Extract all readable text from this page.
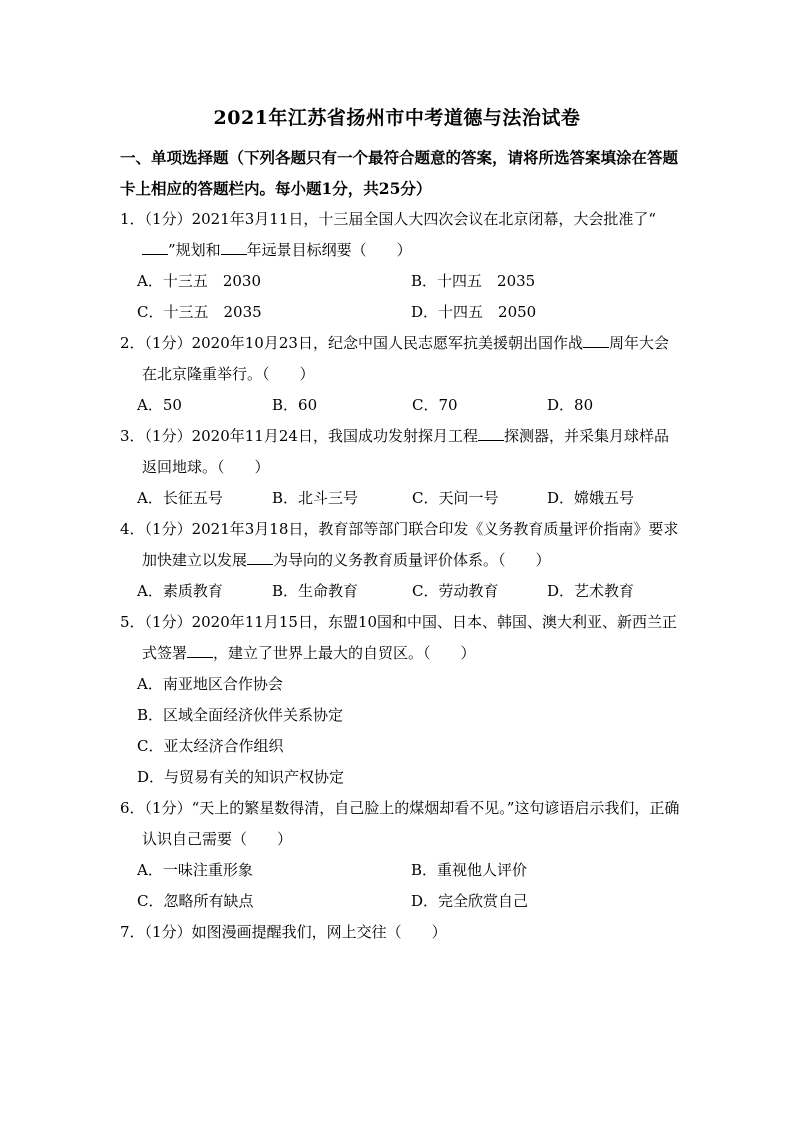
2021年江苏省扬州市中考道德与法治试卷
一、单项选择题（下列各题只有一个最符合题意的答案，请将所选答案填涂在答题卡上相应的答题栏内。每小题1分，共25分）
1．（1分）2021年3月11日，十三届全国人大四次会议在北京闭幕，大会批准了“”规划和 年远景目标纲要（　　）
A．十三五　2030	B．十四五　2035
C．十三五　2035	D．十四五　2050
2．（1分）2020年10月23日，纪念中国人民志愿军抗美援朝出国作战 周年大会在北京隆重举行。（　　）
A．50	B．60	C．70	D．80
3．（1分）2020年11月24日，我国成功发射探月工程 探测器，并采集月球样品返回地球。（　　）
A．长征五号	B．北斗三号	C．天问一号	D．嫦娥五号
4．（1分）2021年3月18日，教育部等部门联合印发《义务教育质量评价指南》要求加快建立以发展 为导向的义务教育质量评价体系。（　　）
A．素质教育	B．生命教育	C．劳动教育	D．艺术教育
5．（1分）2020年11月15日，东盟10国和中国、日本、韩国、澳大利亚、新西兰正式签署 ，建立了世界上最大的自贸区。（　　）
A．南亚地区合作协会
B．区域全面经济伙伴关系协定
C．亚太经济合作组织
D．与贸易有关的知识产权协定
6．（1分）“天上的繁星数得清，自己脸上的煤烟却看不见。”这句谚语启示我们，正确认识自己需要（　　）
A．一味注重形象	B．重视他人评价
C．忽略所有缺点	D．完全欣赏自己
7．（1分）如图漫画提醒我们，网上交往（　　）
